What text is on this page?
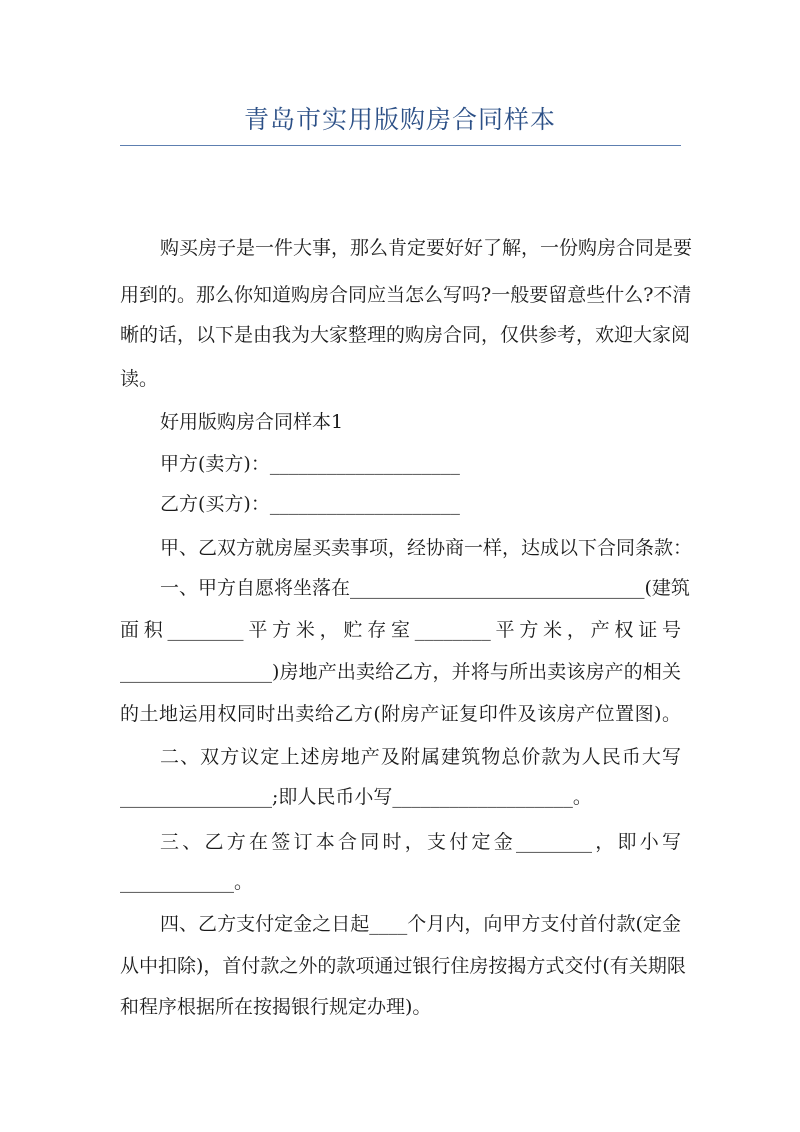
青岛市实用版购房合同样本
购买房子是一件大事，那么肯定要好好了解，一份购房合同是要
用到的。那么你知道购房合同应当怎么写吗?一般要留意些什么?不清
晰的话，以下是由我为大家整理的购房合同，仅供参考，欢迎大家阅
读。
好用版购房合同样本1
甲方(卖方)：____________________
乙方(买方)：____________________
甲、乙双方就房屋买卖事项，经协商一样，达成以下合同条款：
一、甲方自愿将坐落在_______________________________(建筑
面积________平方米，贮存室________平方米，产权证号
________________)房地产出卖给乙方，并将与所出卖该房产的相关
的土地运用权同时出卖给乙方(附房产证复印件及该房产位置图)。
二、双方议定上述房地产及附属建筑物总价款为人民币大写
________________;即人民币小写___________________。
三、乙方在签订本合同时，支付定金________，即小写
____________。
四、乙方支付定金之日起____个月内，向甲方支付首付款(定金
从中扣除)，首付款之外的款项通过银行住房按揭方式交付(有关期限
和程序根据所在按揭银行规定办理)。
